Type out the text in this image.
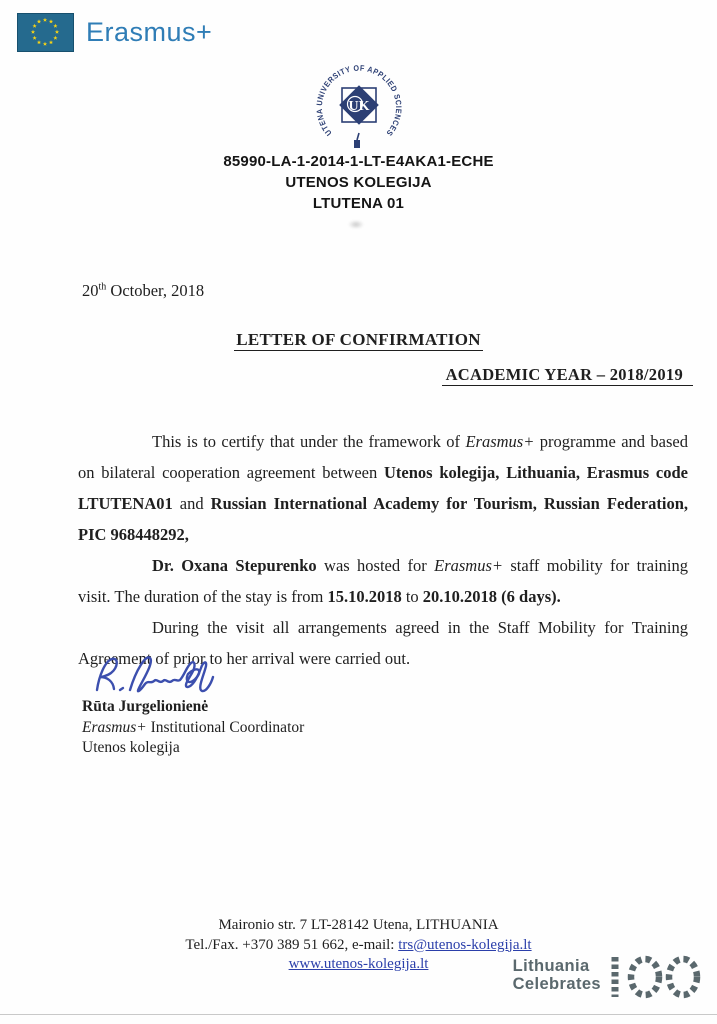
Erasmus+
UTENA UNIVERSITY OF APPLIED SCIENCES
UK
85990-LA-1-2014-1-LT-E4AKA1-ECHE
UTENOS KOLEGIJA
LTUTENA 01
20th October, 2018
LETTER OF CONFIRMATION
ACADEMIC YEAR – 2018/2019

This is to certify that under the framework of Erasmus+ programme and based on bilateral cooperation agreement between Utenos kolegija, Lithuania, Erasmus code LTUTENA01 and Russian International Academy for Tourism, Russian Federation, PIC 968448292,

Dr. Oxana Stepurenko was hosted for Erasmus+ staff mobility for training visit. The duration of the stay is from 15.10.2018 to 20.10.2018 (6 days).

During the visit all arrangements agreed in the Staff Mobility for Training Agreement of prior to her arrival were carried out.

Rūta Jurgelionienė
Erasmus+ Institutional Coordinator
Utenos kolegija
Maironio str. 7 LT-28142 Utena, LITHUANIA
Tel./Fax. +370 389 51 662, e-mail: trs@utenos-kolegija.lt
www.utenos-kolegija.lt	Lithuania
Celebrates
